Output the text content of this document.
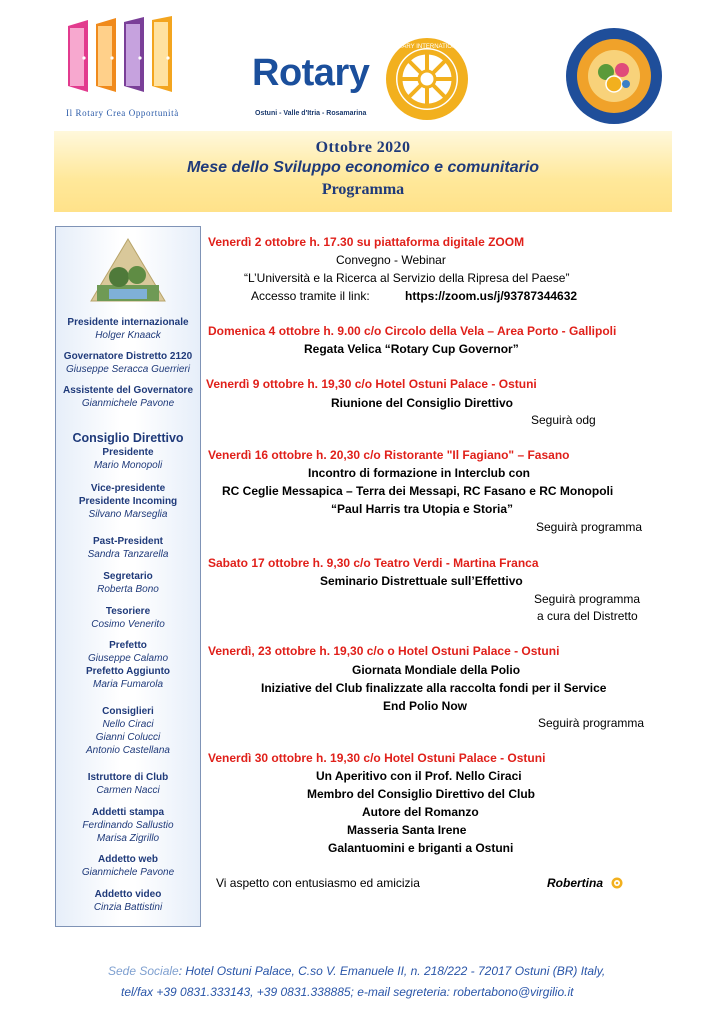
Il Rotary Crea Opportunità
Rotary
Ostuni - Valle d'Itria - Rosamarina
ROTARY INTERNATIONAL
Ottobre 2020
Mese dello Sviluppo economico e comunitario
Programma
Presidente internazionale
Holger Knaack
Governatore Distretto 2120
Giuseppe Seracca Guerrieri
Assistente del Governatore
Gianmichele Pavone
Consiglio Direttivo
Presidente
Mario Monopoli
Vice-presidente
Presidente Incoming
Silvano Marseglia
Past-President
Sandra Tanzarella
Segretario
Roberta Bono
Tesoriere
Cosimo Venerito
Prefetto
Giuseppe Calamo
Prefetto Aggiunto
Maria Fumarola
Consiglieri
Nello Ciraci
Gianni Colucci
Antonio Castellana
Istruttore di Club
Carmen Nacci
Addetti stampa
Ferdinando Sallustio
Marisa Zigrillo
Addetto web
Gianmichele Pavone
Addetto video
Cinzia Battistini
Venerdì 2 ottobre h. 17.30 su piattaforma digitale ZOOM
Convegno - Webinar
“L’Università e la Ricerca al Servizio della Ripresa del Paese”
Accesso tramite il link:	https://zoom.us/j/93787344632
Domenica 4 ottobre h. 9.00 c/o Circolo della Vela – Area Porto - Gallipoli
Regata Velica “Rotary Cup Governor”
Venerdì 9 ottobre h. 19,30 c/o Hotel Ostuni Palace - Ostuni
Riunione del Consiglio Direttivo
Seguirà odg
Venerdì 16 ottobre h. 20,30 c/o Ristorante "Il Fagiano" – Fasano
Incontro di formazione in Interclub con
RC Ceglie Messapica – Terra dei Messapi, RC Fasano e RC Monopoli
“Paul Harris tra Utopia e Storia”
Seguirà programma
Sabato 17 ottobre h. 9,30 c/o Teatro Verdi - Martina Franca
Seminario Distrettuale sull’Effettivo
Seguirà programma
a cura del Distretto
Venerdì, 23 ottobre h. 19,30 c/o o Hotel Ostuni Palace - Ostuni
Giornata Mondiale della Polio
Iniziative del Club finalizzate alla raccolta fondi per il Service
End Polio Now
Seguirà programma
Venerdì 30 ottobre h. 19,30 c/o Hotel Ostuni Palace - Ostuni
Un Aperitivo con il Prof. Nello Ciraci
Membro del Consiglio Direttivo del Club
Autore del Romanzo
Masseria Santa Irene
Galantuomini e briganti a Ostuni
Vi aspetto con entusiasmo ed amicizia	Robertina
Sede Sociale: Hotel Ostuni Palace, C.so V. Emanuele II, n. 218/222 - 72017 Ostuni (BR) Italy,
tel/fax +39 0831.333143, +39 0831.338885; e-mail segreteria: robertabono@virgilio.it
